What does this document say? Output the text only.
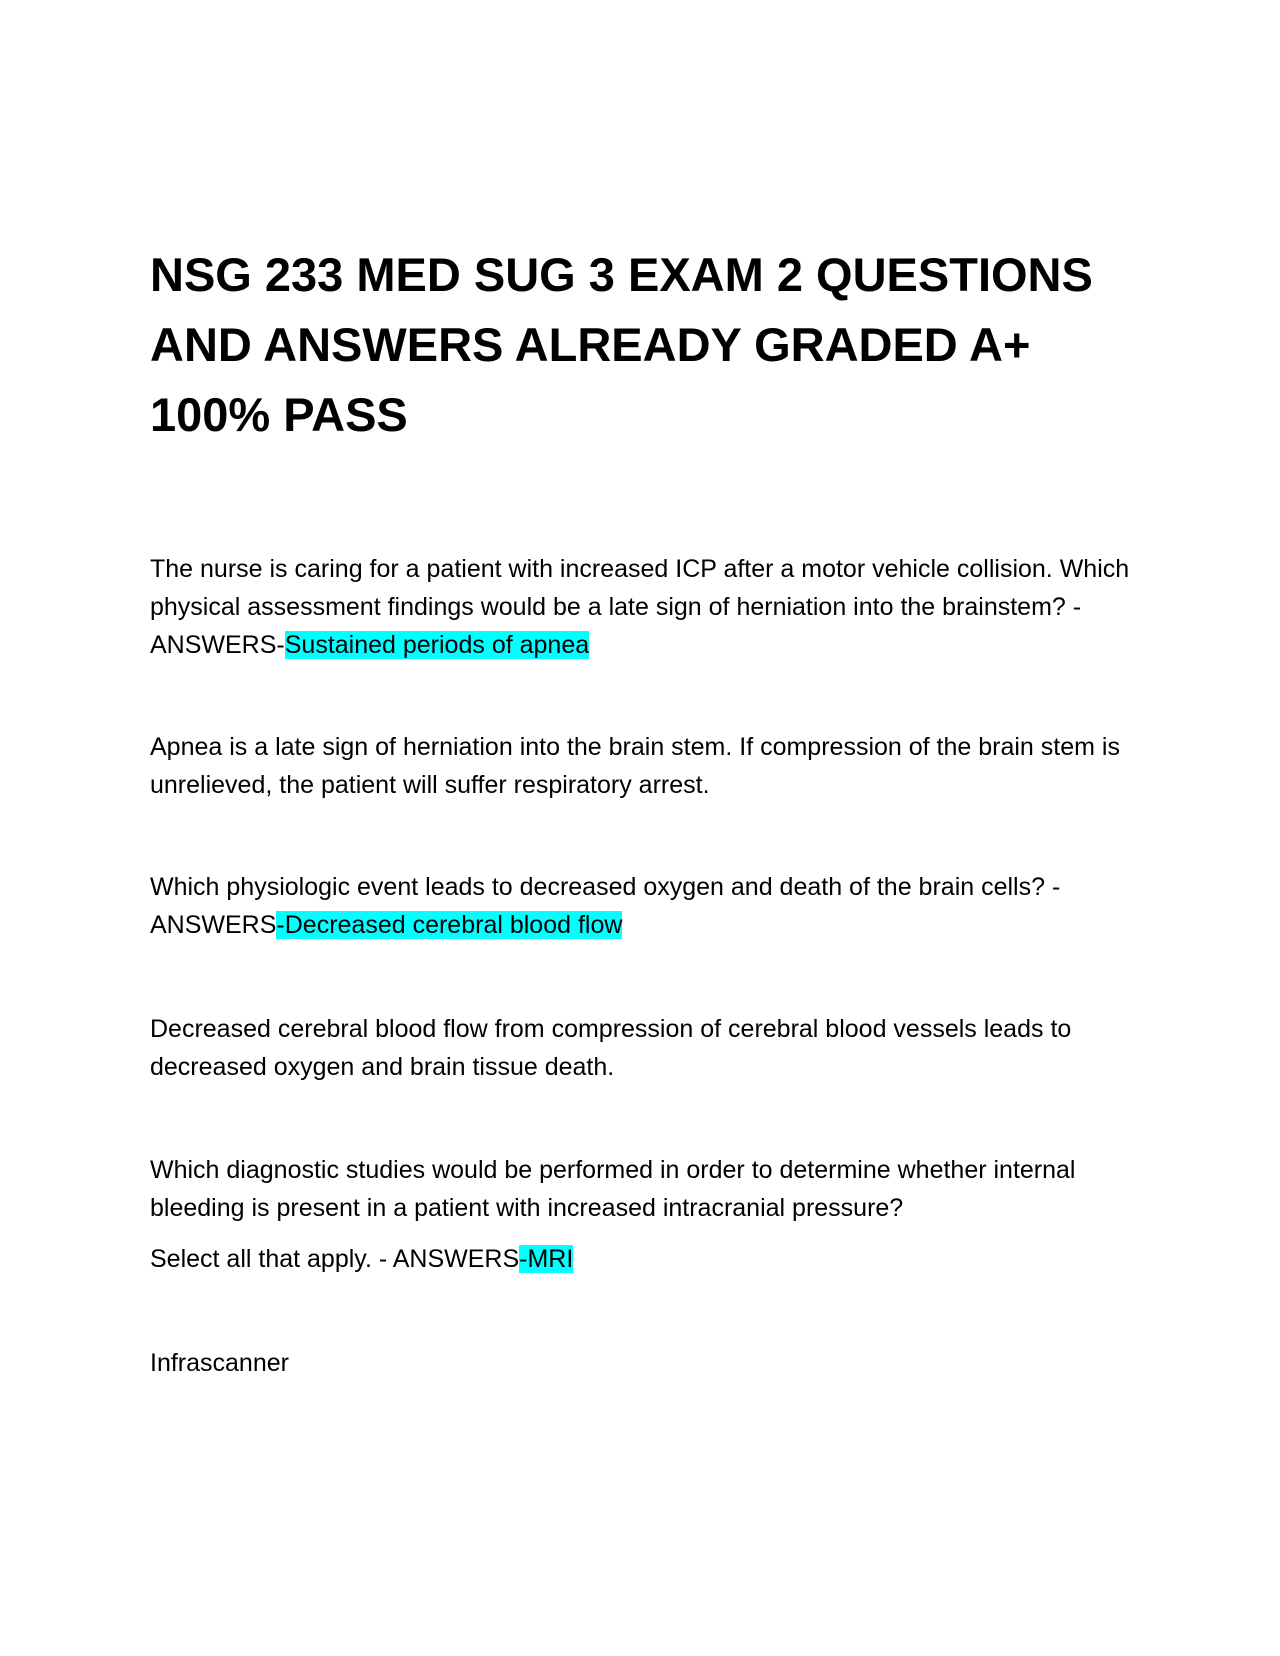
NSG 233 MED SUG 3 EXAM 2 QUESTIONS AND ANSWERS ALREADY GRADED A+ 100% PASS

The nurse is caring for a patient with increased ICP after a motor vehicle collision. Which physical assessment findings would be a late sign of herniation into the brainstem? - ANSWERS-Sustained periods of apnea

Apnea is a late sign of herniation into the brain stem. If compression of the brain stem is unrelieved, the patient will suffer respiratory arrest.

Which physiologic event leads to decreased oxygen and death of the brain cells? - ANSWERS-Decreased cerebral blood flow

Decreased cerebral blood flow from compression of cerebral blood vessels leads to decreased oxygen and brain tissue death.

Which diagnostic studies would be performed in order to determine whether internal bleeding is present in a patient with increased intracranial pressure?

Select all that apply. - ANSWERS-MRI

Infrascanner
